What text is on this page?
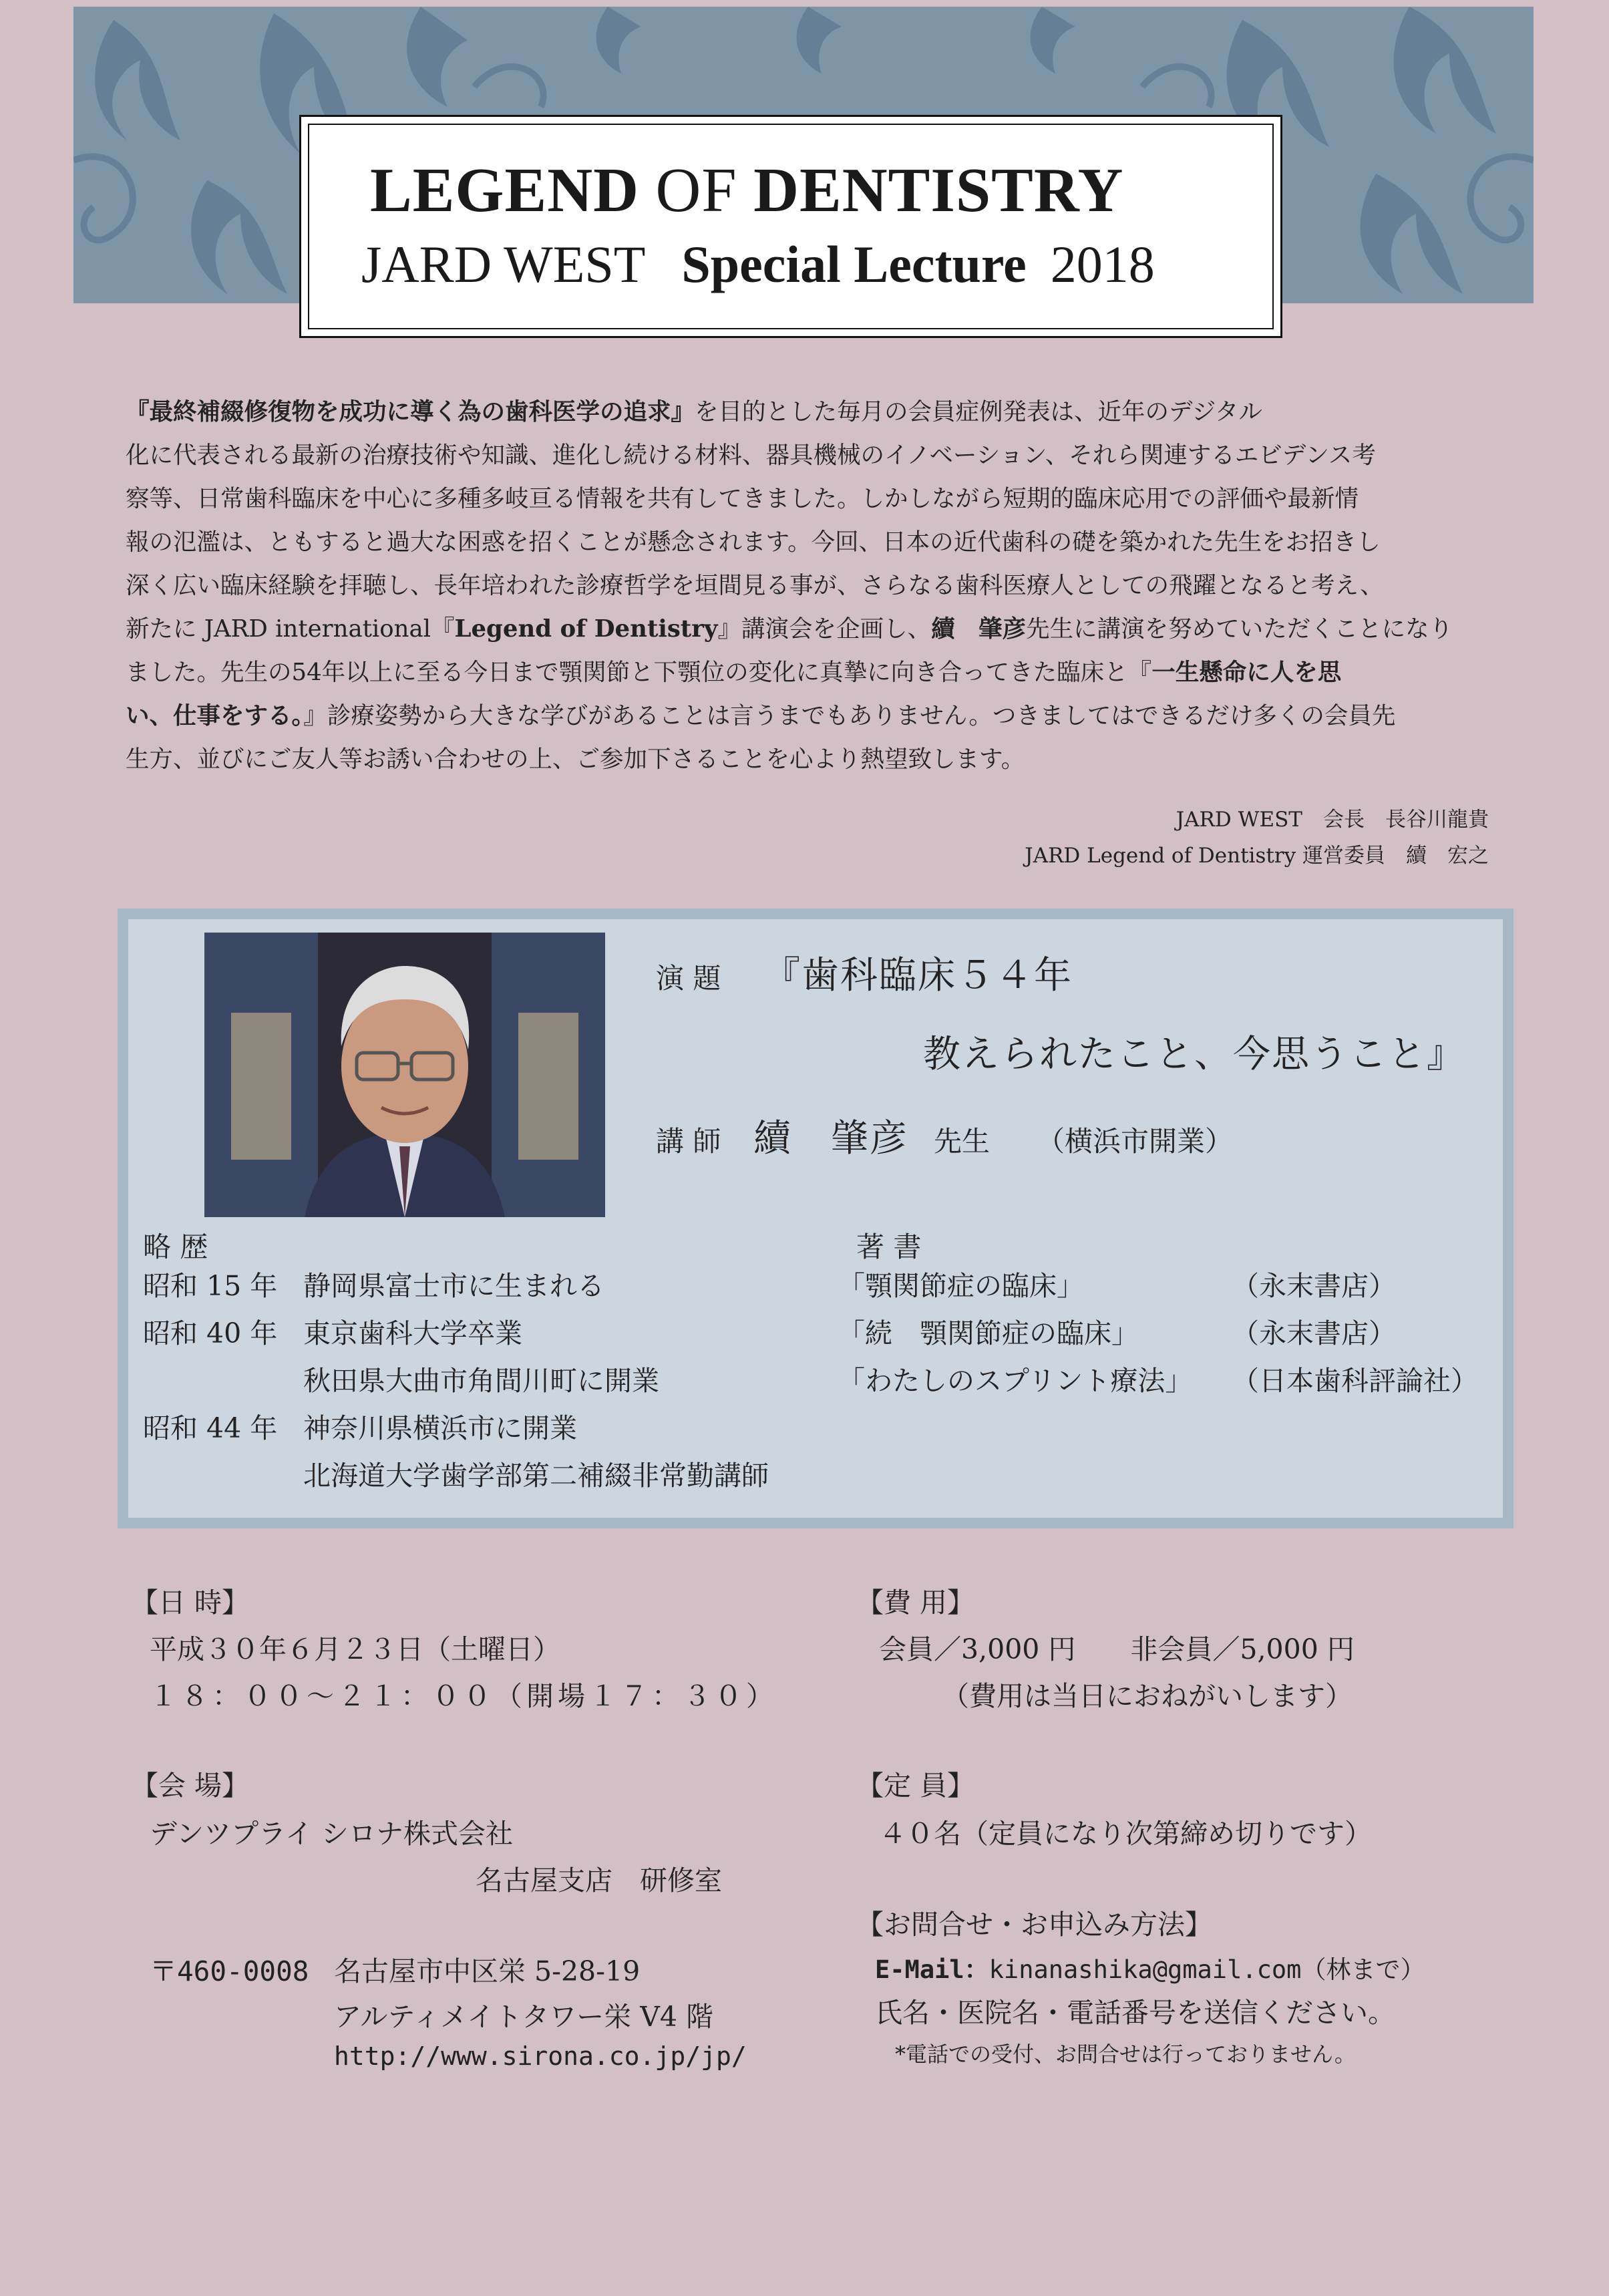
LEGEND OF DENTISTRY
JARD WEST Special Lecture 2018

『最終補綴修復物を成功に導く為の歯科医学の追求』を目的とした毎月の会員症例発表は、近年のデジタル

化に代表される最新の治療技術や知識、進化し続ける材料、器具機械のイノベーション、それら関連するエビデンス考

察等、日常歯科臨床を中心に多種多岐亘る情報を共有してきました。しかしながら短期的臨床応用での評価や最新情

報の氾濫は、ともすると過大な困惑を招くことが懸念されます。今回、日本の近代歯科の礎を築かれた先生をお招きし

深く広い臨床経験を拝聴し、長年培われた診療哲学を垣間見る事が、さらなる歯科医療人としての飛躍となると考え、

新たに JARD international『Legend of Dentistry』講演会を企画し、續　肇彦先生に講演を努めていただくことになり

ました。先生の54年以上に至る今日まで顎関節と下顎位の変化に真摯に向き合ってきた臨床と『一生懸命に人を思

い、仕事をする。』診療姿勢から大きな学びがあることは言うまでもありません。つきましてはできるだけ多くの会員先

生方、並びにご友人等お誘い合わせの上、ご参加下さることを心より熱望致します。

JARD WEST　会長　長谷川龍貴
JARD Legend of Dentistry 運営委員　續　宏之
演 題 『歯科臨床５４年
教えられたこと、今思うこと』
講 師 續　肇彦 先生 （横浜市開業）
略 歴
昭和 15 年 静岡県富士市に生まれる
昭和 40 年 東京歯科大学卒業
秋田県大曲市角間川町に開業
昭和 44 年 神奈川県横浜市に開業
北海道大学歯学部第二補綴非常勤講師
著 書
「顎関節症の臨床」	（永末書店）
「続　顎関節症の臨床」	（永末書店）
「わたしのスプリント療法」	（日本歯科評論社）
【日 時】
平成３０年６月２３日（土曜日）
１８：００～２１：００（開場１７：３０）
【会 場】
デンツプライ シロナ株式会社
名古屋支店　研修室
〒460-0008 名古屋市中区栄 5-28-19
アルティメイトタワー栄 V4 階
http://www.sirona.co.jp/jp/
【費 用】
会員／3,000 円　　非会員／5,000 円
（費用は当日におねがいします）
【定 員】
４０名（定員になり次第締め切りです）
【お問合せ・お申込み方法】
E-Mail：kinanashika@gmail.com（林まで）
氏名・医院名・電話番号を送信ください。
*電話での受付、お問合せは行っておりません。
